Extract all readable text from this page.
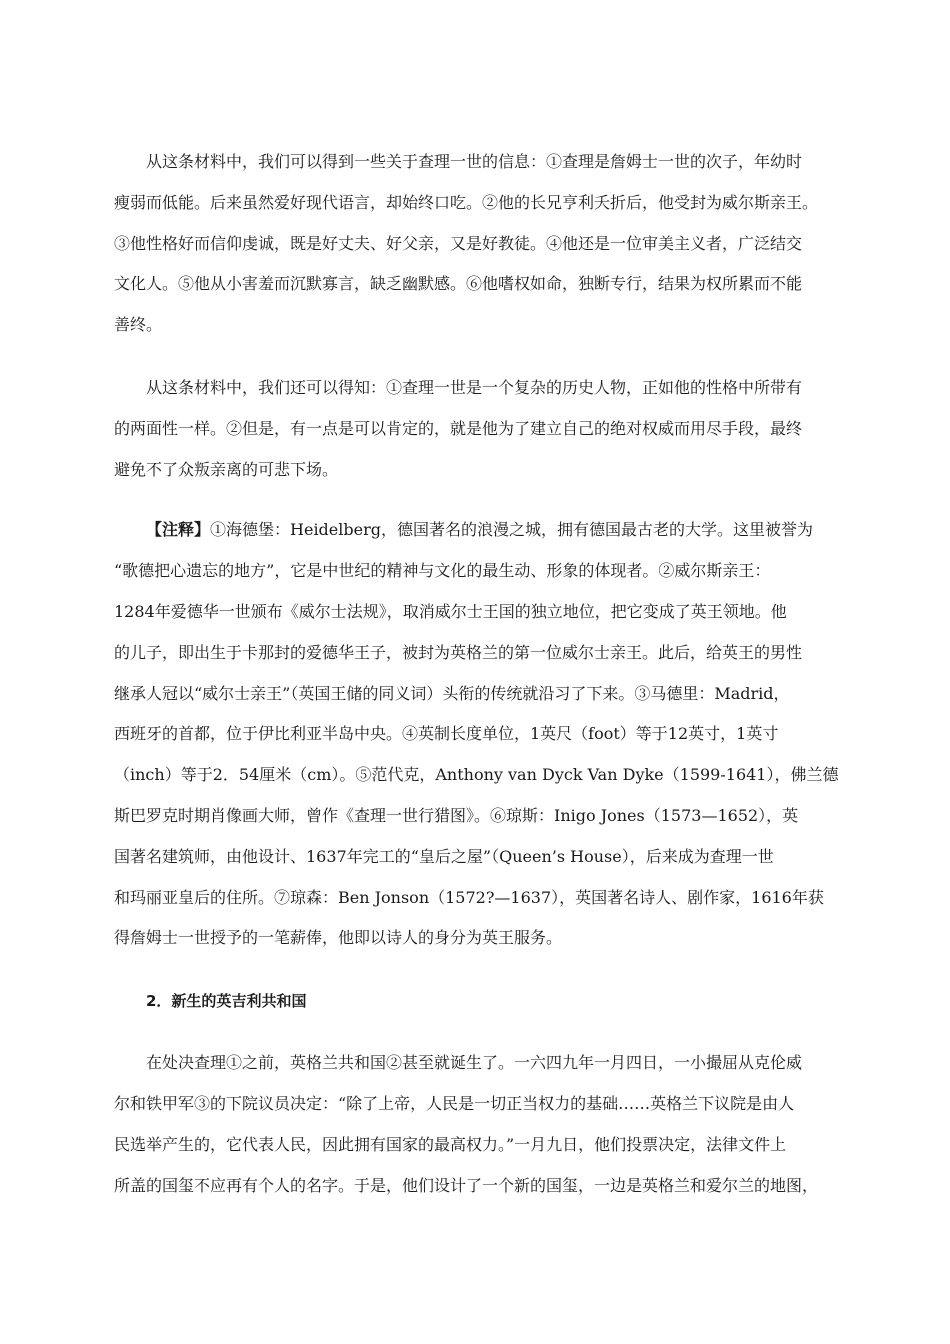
从这条材料中，我们可以得到一些关于查理一世的信息：①查理是詹姆士一世的次子，年幼时
瘦弱而低能。后来虽然爱好现代语言，却始终口吃。②他的长兄亨利夭折后，他受封为威尔斯亲王。
③他性格好而信仰虔诚，既是好丈夫、好父亲，又是好教徒。④他还是一位审美主义者，广泛结交
文化人。⑤他从小害羞而沉默寡言，缺乏幽默感。⑥他嗜权如命，独断专行，结果为权所累而不能
善终。
从这条材料中，我们还可以得知：①查理一世是一个复杂的历史人物，正如他的性格中所带有
的两面性一样。②但是，有一点是可以肯定的，就是他为了建立自己的绝对权威而用尽手段，最终
避免不了众叛亲离的可悲下场。
【注释】①海德堡：Heidelberg，德国著名的浪漫之城，拥有德国最古老的大学。这里被誉为
“歌德把心遗忘的地方”，它是中世纪的精神与文化的最生动、形象的体现者。②威尔斯亲王：
1284年爱德华一世颁布《威尔士法规》，取消威尔士王国的独立地位，把它变成了英王领地。他
的儿子，即出生于卡那封的爱德华王子，被封为英格兰的第一位威尔士亲王。此后，给英王的男性
继承人冠以“威尔士亲王”（英国王储的同义词）头衔的传统就沿习了下来。③马德里：Madrid，
西班牙的首都，位于伊比利亚半岛中央。④英制长度单位，1英尺（foot）等于12英寸，1英寸
（inch）等于2．54厘米（cm）。⑤范代克，Anthony van Dyck Van Dyke（1599-1641），佛兰德
斯巴罗克时期肖像画大师，曾作《查理一世行猎图》。⑥琼斯：Inigo Jones（1573—1652），英
国著名建筑师，由他设计、1637年完工的“皇后之屋”（Queen’s House），后来成为查理一世
和玛丽亚皇后的住所。⑦琼森：Ben Jonson（1572?—1637），英国著名诗人、剧作家，1616年获
得詹姆士一世授予的一笔薪俸，他即以诗人的身分为英王服务。
2．新生的英吉利共和国
在处决查理①之前，英格兰共和国②甚至就诞生了。一六四九年一月四日，一小撮屈从克伦威
尔和铁甲军③的下院议员决定：“除了上帝，人民是一切正当权力的基础……英格兰下议院是由人
民选举产生的，它代表人民，因此拥有国家的最高权力。”一月九日，他们投票决定，法律文件上
所盖的国玺不应再有个人的名字。于是，他们设计了一个新的国玺，一边是英格兰和爱尔兰的地图，
